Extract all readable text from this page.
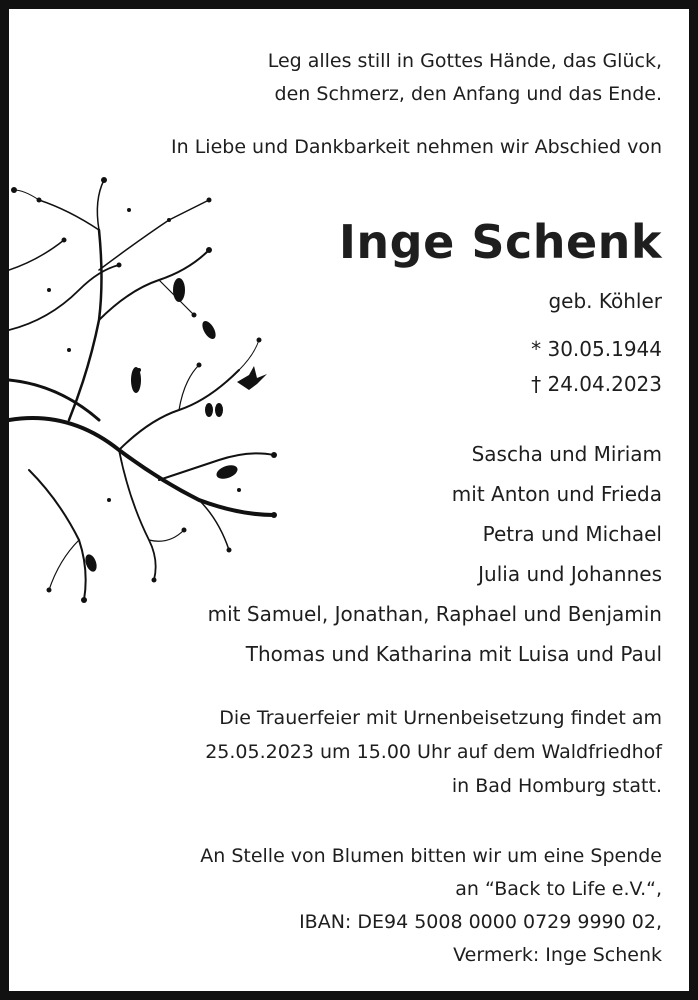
Leg alles still in Gottes Hände, das Glück,
den Schmerz, den Anfang und das Ende.
In Liebe und Dankbarkeit nehmen wir Abschied von
Inge Schenk
geb. Köhler
* 30.05.1944
† 24.04.2023
Sascha und Miriam
mit Anton und Frieda
Petra und Michael
Julia und Johannes
mit Samuel, Jonathan, Raphael und Benjamin
Thomas und Katharina mit Luisa und Paul
Die Trauerfeier mit Urnenbeisetzung findet am
25.05.2023 um 15.00 Uhr auf dem Waldfriedhof
in Bad Homburg statt.
An Stelle von Blumen bitten wir um eine Spende
an “Back to Life e.V.“,
IBAN: DE94 5008 0000 0729 9990 02,
Vermerk: Inge Schenk
